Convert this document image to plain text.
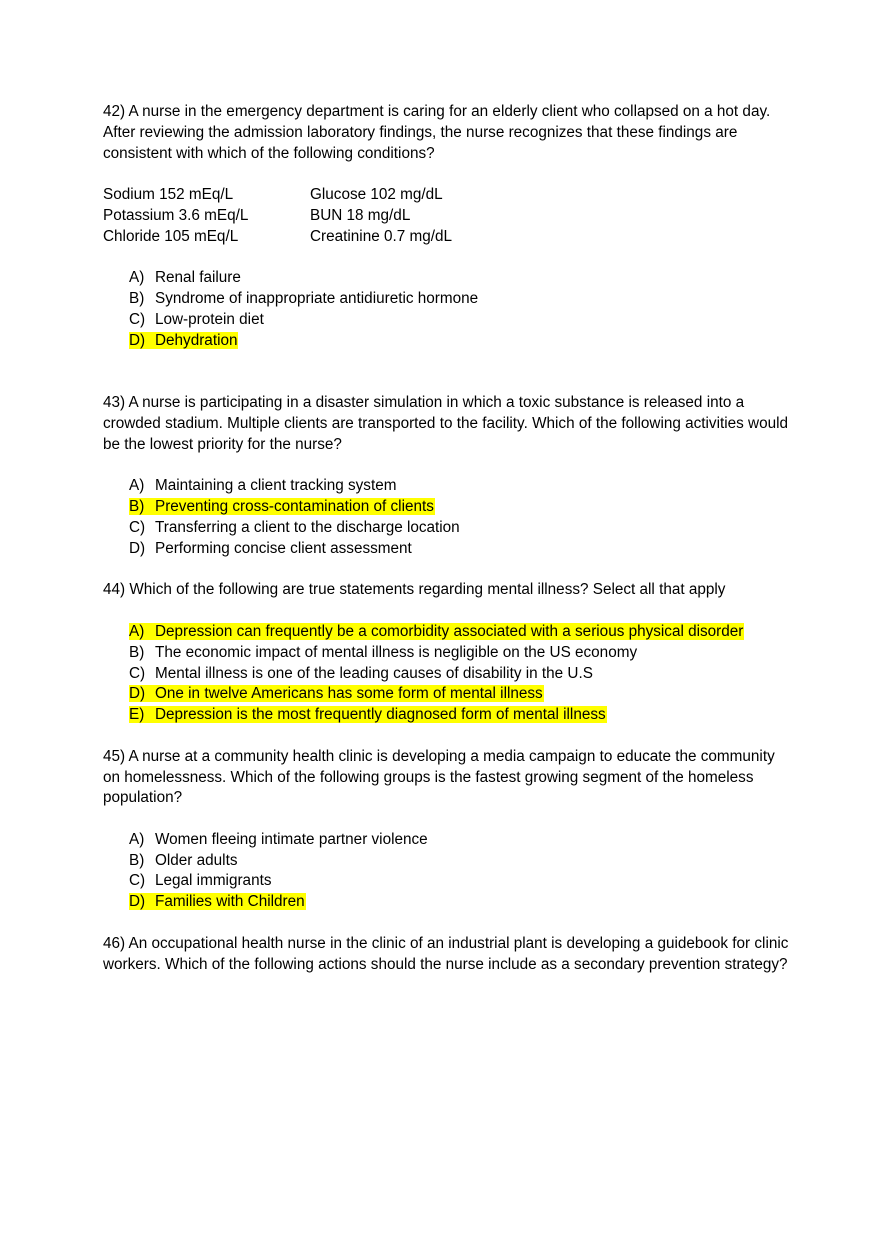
42) A nurse in the emergency department is caring for an elderly client who collapsed on a hot day. After reviewing the admission laboratory findings, the nurse recognizes that these findings are consistent with which of the following conditions?

Sodium 152 mEq/L	Glucose 102 mg/dL
Potassium 3.6 mEq/L	BUN 18 mg/dL
Chloride 105 mEq/L	Creatinine 0.7 mg/dL
A) Renal failure
B) Syndrome of inappropriate antidiuretic hormone
C) Low-protein diet
D) Dehydration

43) A nurse is participating in a disaster simulation in which a toxic substance is released into a crowded stadium. Multiple clients are transported to the facility. Which of the following activities would be the lowest priority for the nurse?

A) Maintaining a client tracking system
B) Preventing cross-contamination of clients
C) Transferring a client to the discharge location
D) Performing concise client assessment

44) Which of the following are true statements regarding mental illness? Select all that apply

A) Depression can frequently be a comorbidity associated with a serious physical disorder
B) The economic impact of mental illness is negligible on the US economy
C) Mental illness is one of the leading causes of disability in the U.S
D) One in twelve Americans has some form of mental illness
E) Depression is the most frequently diagnosed form of mental illness

45) A nurse at a community health clinic is developing a media campaign to educate the community on homelessness. Which of the following groups is the fastest growing segment of the homeless population?

A) Women fleeing intimate partner violence
B) Older adults
C) Legal immigrants
D) Families with Children

46) An occupational health nurse in the clinic of an industrial plant is developing a guidebook for clinic workers. Which of the following actions should the nurse include as a secondary prevention strategy?
